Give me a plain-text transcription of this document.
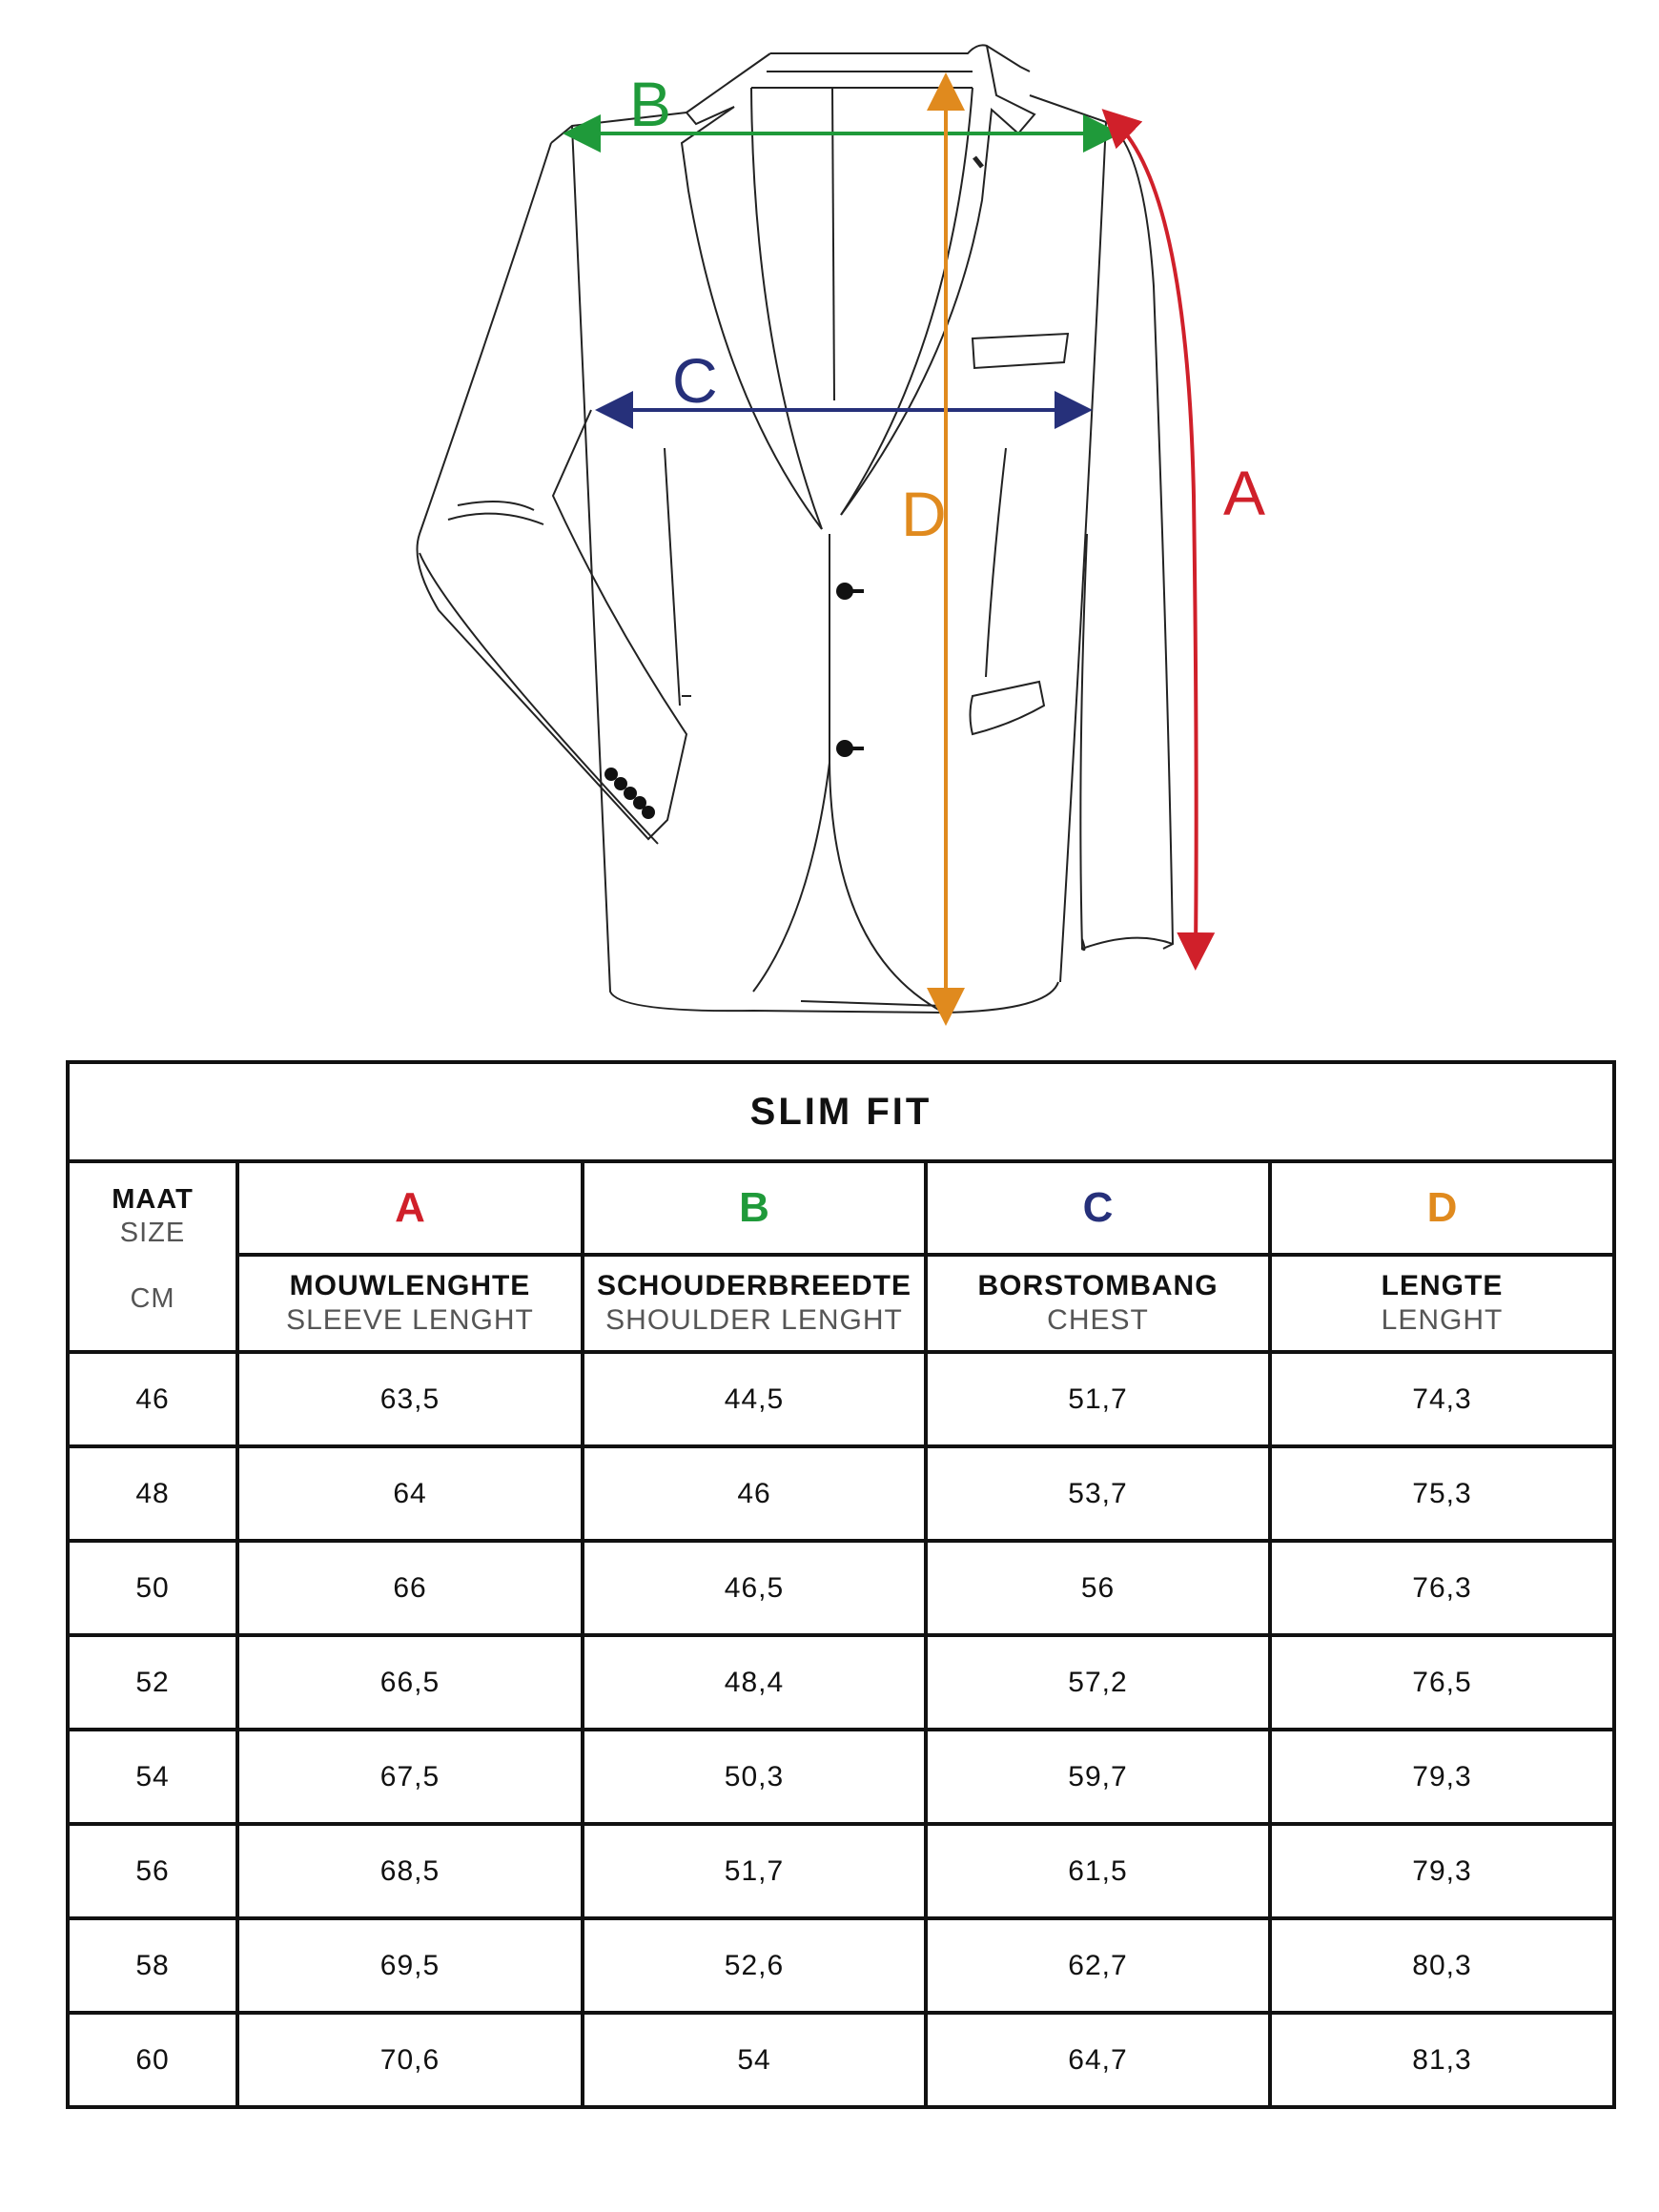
B
C
D	A
SLIM FIT
MAAT
SIZE
CM
A	B	C	D
MOUWLENGHTE
SLEEVE LENGHT
SCHOUDERBREEDTE
SHOULDER LENGHT
BORSTOMBANG
CHEST
LENGTE
LENGHT
46	63,5	44,5	51,7	74,3
48	64	46	53,7	75,3
50	66	46,5	56	76,3
52	66,5	48,4	57,2	76,5
54	67,5	50,3	59,7	79,3
56	68,5	51,7	61,5	79,3
58	69,5	52,6	62,7	80,3
60	70,6	54	64,7	81,3
